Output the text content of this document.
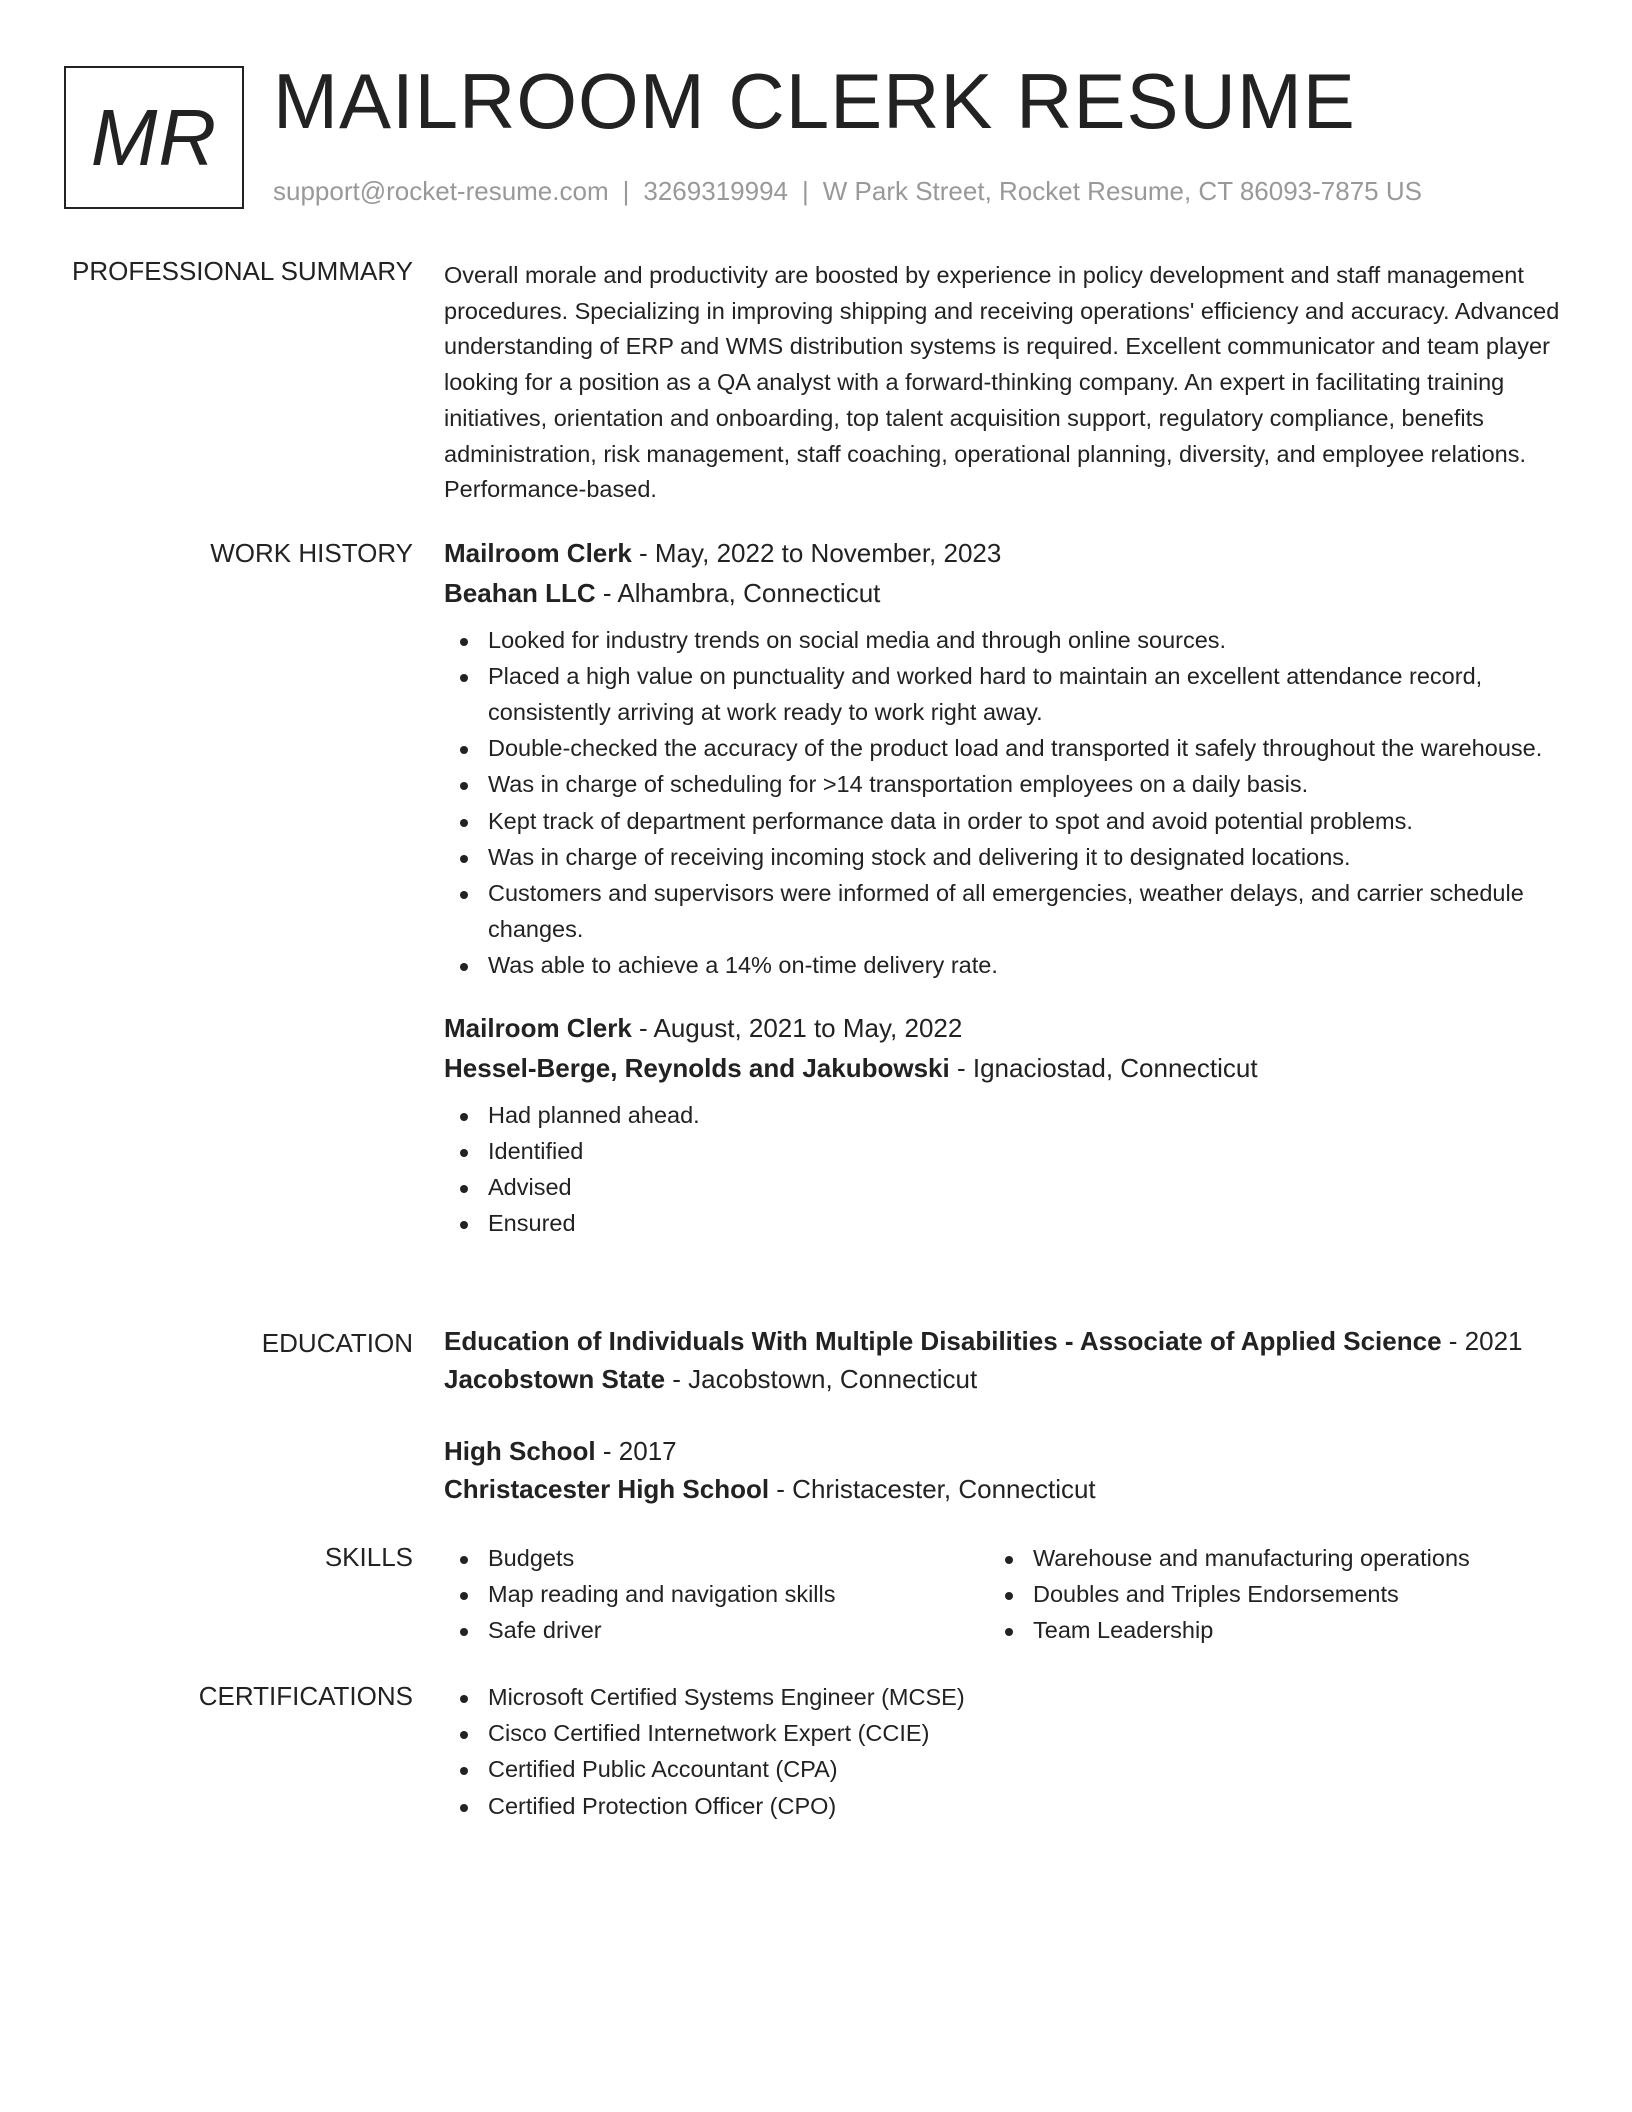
MR MAILROOM CLERK RESUME
support@rocket-resume.com | 3269319994 | W Park Street, Rocket Resume, CT 86093-7875 US
PROFESSIONAL SUMMARY Overall morale and productivity are boosted by experience in policy development and staff management procedures. Specializing in improving shipping and receiving operations' efficiency and accuracy. Advanced understanding of ERP and WMS distribution systems is required. Excellent communicator and team player looking for a position as a QA analyst with a forward-thinking company. An expert in facilitating training initiatives, orientation and onboarding, top talent acquisition support, regulatory compliance, benefits administration, risk management, staff coaching, operational planning, diversity, and employee relations. Performance-based.
WORK HISTORY Mailroom Clerk - May, 2022 to November, 2023
Beahan LLC - Alhambra, Connecticut
Looked for industry trends on social media and through online sources.
Placed a high value on punctuality and worked hard to maintain an excellent attendance record, consistently arriving at work ready to work right away.
Double-checked the accuracy of the product load and transported it safely throughout the warehouse.
Was in charge of scheduling for >14 transportation employees on a daily basis.
Kept track of department performance data in order to spot and avoid potential problems.
Was in charge of receiving incoming stock and delivering it to designated locations.
Customers and supervisors were informed of all emergencies, weather delays, and carrier schedule changes.
Was able to achieve a 14% on-time delivery rate.
Mailroom Clerk - August, 2021 to May, 2022
Hessel-Berge, Reynolds and Jakubowski - Ignaciostad, Connecticut
Had planned ahead.
Identified
Advised
Ensured
EDUCATION Education of Individuals With Multiple Disabilities - Associate of Applied Science - 2021
Jacobstown State - Jacobstown, Connecticut
High School - 2017
Christacester High School - Christacester, Connecticut
SKILLS	Budgets
Map reading and navigation skills
Safe driver
Warehouse and manufacturing operations
Doubles and Triples Endorsements
Team Leadership
CERTIFICATIONS	Microsoft Certified Systems Engineer (MCSE)
Cisco Certified Internetwork Expert (CCIE)
Certified Public Accountant (CPA)
Certified Protection Officer (CPO)
